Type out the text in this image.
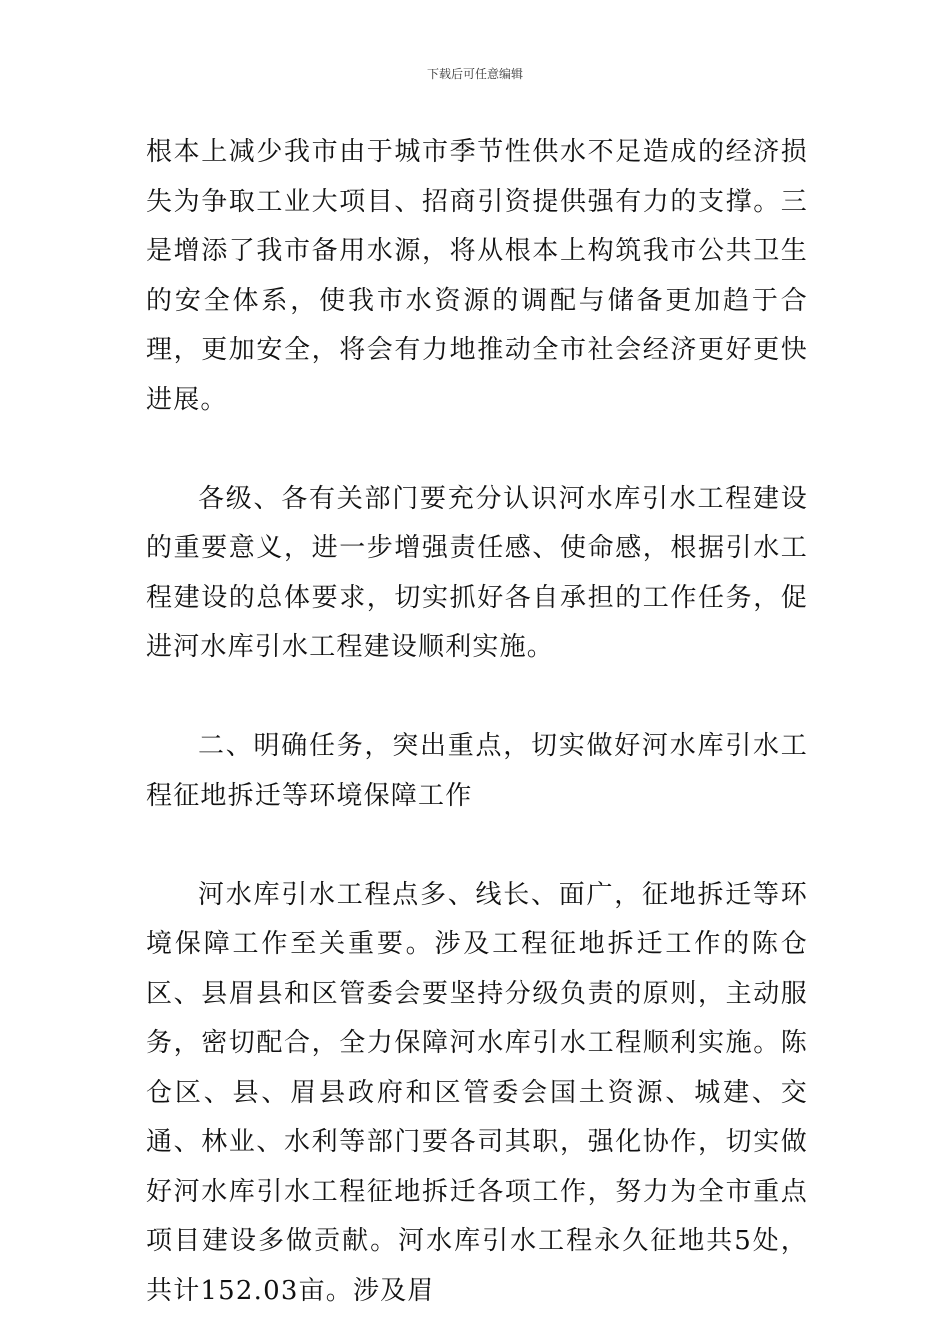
下载后可任意编辑

根本上减少我市由于城市季节性供水不足造成的经济损失为争取工业大项目、招商引资提供强有力的支撑。三是增添了我市备用水源，将从根本上构筑我市公共卫生的安全体系，使我市水资源的调配与储备更加趋于合理，更加安全，将会有力地推动全市社会经济更好更快进展。

各级、各有关部门要充分认识河水库引水工程建设的重要意义，进一步增强责任感、使命感，根据引水工程建设的总体要求，切实抓好各自承担的工作任务，促进河水库引水工程建设顺利实施。

二、明确任务，突出重点，切实做好河水库引水工程征地拆迁等环境保障工作

河水库引水工程点多、线长、面广，征地拆迁等环境保障工作至关重要。涉及工程征地拆迁工作的陈仓区、县眉县和区管委会要坚持分级负责的原则，主动服务，密切配合，全力保障河水库引水工程顺利实施。陈仓区、县、眉县政府和区管委会国土资源、城建、交通、林业、水利等部门要各司其职，强化协作，切实做好河水库引水工程征地拆迁各项工作，努力为全市重点项目建设多做贡献。河水库引水工程永久征地共5处，共计152.03亩。涉及眉
